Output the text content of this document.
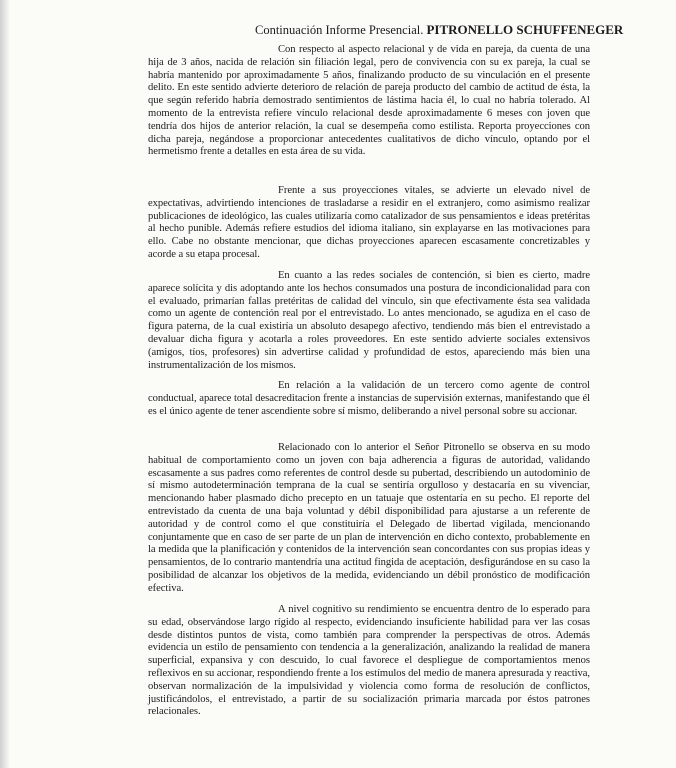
Continuación Informe Presencial. PITRONELLO SCHUFFENEGER

Con respecto al aspecto relacional y de vida en pareja, da cuenta de una hija de 3 años, nacida de relación sin filiación legal, pero de convivencia con su ex pareja, la cual se habría mantenido por aproximadamente 5 años, finalizando producto de su vinculación en el presente delito. En este sentido advierte deterioro de relación de pareja producto del cambio de actitud de ésta, la que según referido habría demostrado sentimientos de lástima hacia él, lo cual no habría tolerado. Al momento de la entrevista refiere vínculo relacional desde aproximadamente 6 meses con joven que tendría dos hijos de anterior relación, la cual se desempeña como estilista. Reporta proyecciones con dicha pareja, negándose a proporcionar antecedentes cualitativos de dicho vínculo, optando por el hermetismo frente a detalles en esta área de su vida.

Frente a sus proyecciones vitales, se advierte un elevado nivel de expectativas, advirtiendo intenciones de trasladarse a residir en el extranjero, como asimismo realizar publicaciones de ideológico, las cuales utilizaría como catalizador de sus pensamientos e ideas pretéritas al hecho punible. Además refiere estudios del idioma italiano, sin explayarse en las motivaciones para ello. Cabe no obstante mencionar, que dichas proyecciones aparecen escasamente concretizables y acorde a su etapa procesal.

En cuanto a las redes sociales de contención, si bien es cierto, madre aparece solícita y dis adoptando ante los hechos consumados una postura de incondicionalidad para con el evaluado, primarían fallas pretéritas de calidad del vínculo, sin que efectivamente ésta sea validada como un agente de contención real por el entrevistado. Lo antes mencionado, se agudiza en el caso de figura paterna, de la cual existiría un absoluto desapego afectivo, tendiendo más bien el entrevistado a devaluar dicha figura y acotarla a roles proveedores. En este sentido advierte sociales extensivos (amigos, tíos, profesores) sin advertirse calidad y profundidad de estos, apareciendo más bien una instrumentalización de los mismos.

En relación a la validación de un tercero como agente de control conductual, aparece total desacreditacion frente a instancias de supervisión externas, manifestando que él es el único agente de tener ascendiente sobre sí mismo, deliberando a nivel personal sobre su accionar.

Relacionado con lo anterior el Señor Pitronello se observa en su modo habitual de comportamiento como un joven con baja adherencia a figuras de autoridad, validando escasamente a sus padres como referentes de control desde su pubertad, describiendo un autodominio de sí mismo autodeterminación temprana de la cual se sentiría orgulloso y destacaría en su vivenciar, mencionando haber plasmado dicho precepto en un tatuaje que ostentaría en su pecho. El reporte del entrevistado da cuenta de una baja voluntad y débil disponibilidad para ajustarse a un referente de autoridad y de control como el que constituiría el Delegado de libertad vigilada, mencionando conjuntamente que en caso de ser parte de un plan de intervención en dicho contexto, probablemente en la medida que la planificación y contenidos de la intervención sean concordantes con sus propias ideas y pensamientos, de lo contrario mantendría una actitud fingida de aceptación, desfigurándose en su caso la posibilidad de alcanzar los objetivos de la medida, evidenciando un débil pronóstico de modificación efectiva.

A nivel cognitivo su rendimiento se encuentra dentro de lo esperado para su edad, observándose largo rígido al respecto, evidenciando insuficiente habilidad para ver las cosas desde distintos puntos de vista, como también para comprender la perspectivas de otros. Además evidencia un estilo de pensamiento con tendencia a la generalización, analizando la realidad de manera superficial, expansiva y con descuido, lo cual favorece el despliegue de comportamientos menos reflexivos en su accionar, respondiendo frente a los estímulos del medio de manera apresurada y reactiva, observan normalización de la impulsividad y violencia como forma de resolución de conflictos, justificándolos, el entrevistado, a partir de su socialización primaria marcada por éstos patrones relacionales.
